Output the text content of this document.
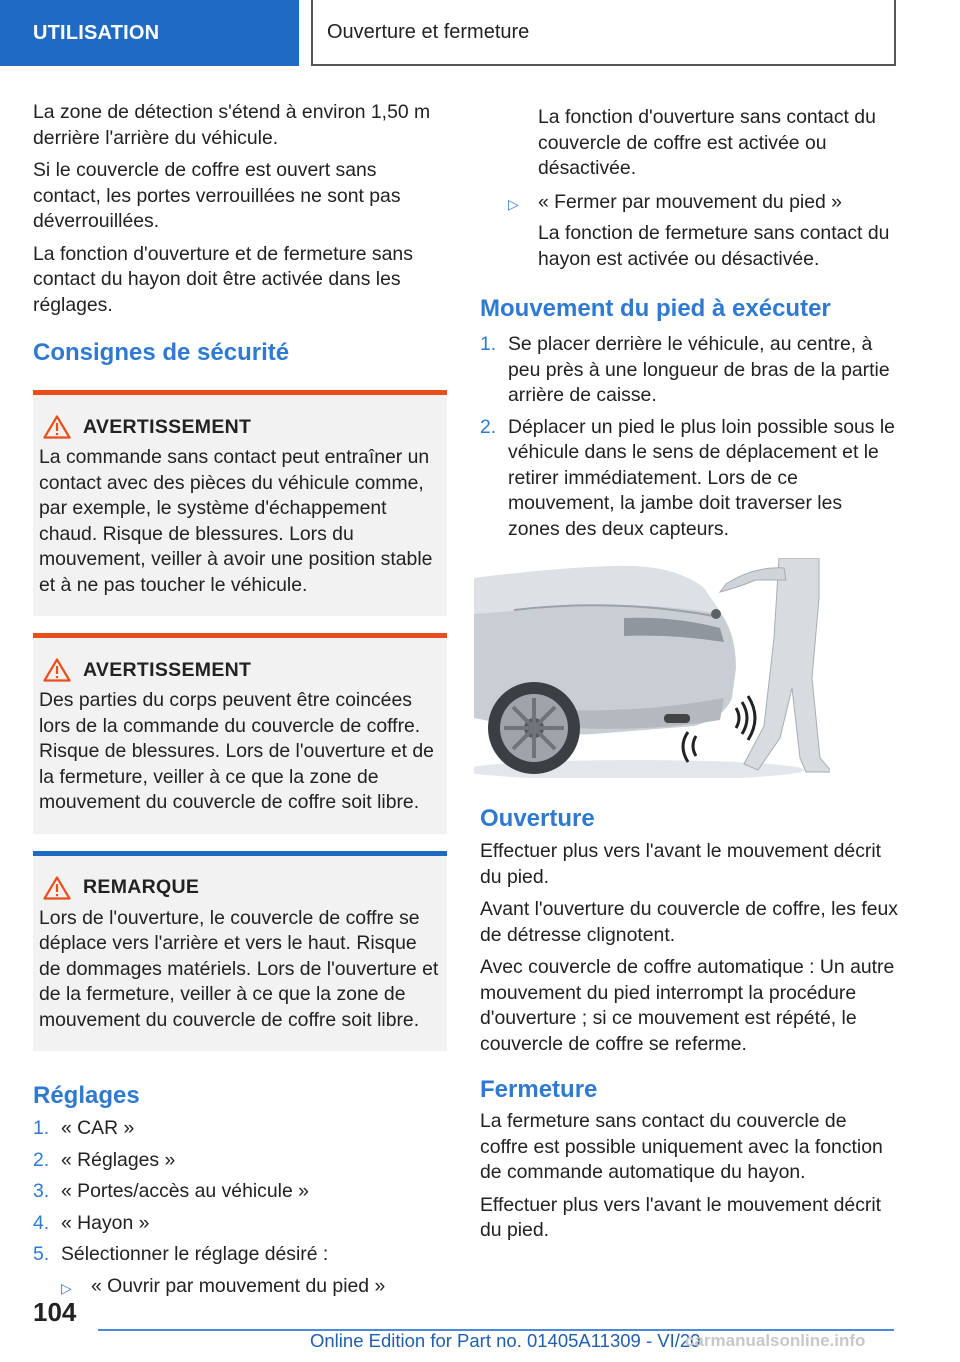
UTILISATION	Ouverture et fermeture

La zone de détection s'étend à environ 1,50 m derrière l'arrière du véhicule.

Si le couvercle de coffre est ouvert sans contact, les portes verrouillées ne sont pas déverrouillées.

La fonction d'ouverture et de fermeture sans contact du hayon doit être activée dans les réglages.

Consignes de sécurité
AVERTISSEMENT

La commande sans contact peut entraîner un contact avec des pièces du véhicule comme, par exemple, le système d'échappement chaud. Risque de blessures. Lors du mouvement, veiller à avoir une position stable et à ne pas toucher le véhicule.

AVERTISSEMENT

Des parties du corps peuvent être coincées lors de la commande du couvercle de coffre. Risque de blessures. Lors de l'ouverture et de la fermeture, veiller à ce que la zone de mouvement du couvercle de coffre soit libre.

REMARQUE

Lors de l'ouverture, le couvercle de coffre se déplace vers l'arrière et vers le haut. Risque de dommages matériels. Lors de l'ouverture et de la fermeture, veiller à ce que la zone de mouvement du couvercle de coffre soit libre.

Réglages
1. « CAR »
2. « Réglages »
3. « Portes/accès au véhicule »
4. « Hayon »
5. Sélectionner le réglage désiré :
▷ « Ouvrir par mouvement du pied »

La fonction d'ouverture sans contact du couvercle de coffre est activée ou désactivée.

▷ « Fermer par mouvement du pied »

La fonction de fermeture sans contact du hayon est activée ou désactivée.

Mouvement du pied à exécuter
1. Se placer derrière le véhicule, au centre, à peu près à une longueur de bras de la partie arrière de caisse.
2. Déplacer un pied le plus loin possible sous le véhicule dans le sens de déplacement et le retirer immédiatement. Lors de ce mouvement, la jambe doit traverser les zones des deux capteurs.
Ouverture

Effectuer plus vers l'avant le mouvement décrit du pied.

Avant l'ouverture du couvercle de coffre, les feux de détresse clignotent.

Avec couvercle de coffre automatique : Un autre mouvement du pied interrompt la procédure d'ouverture ; si ce mouvement est répété, le couvercle de coffre se referme.

Fermeture

La fermeture sans contact du couvercle de coffre est possible uniquement avec la fonction de commande automatique du hayon.

Effectuer plus vers l'avant le mouvement décrit du pied.

104
Online Edition for Part no. 01405A11309 - VI/20
carmanualsonline.info
